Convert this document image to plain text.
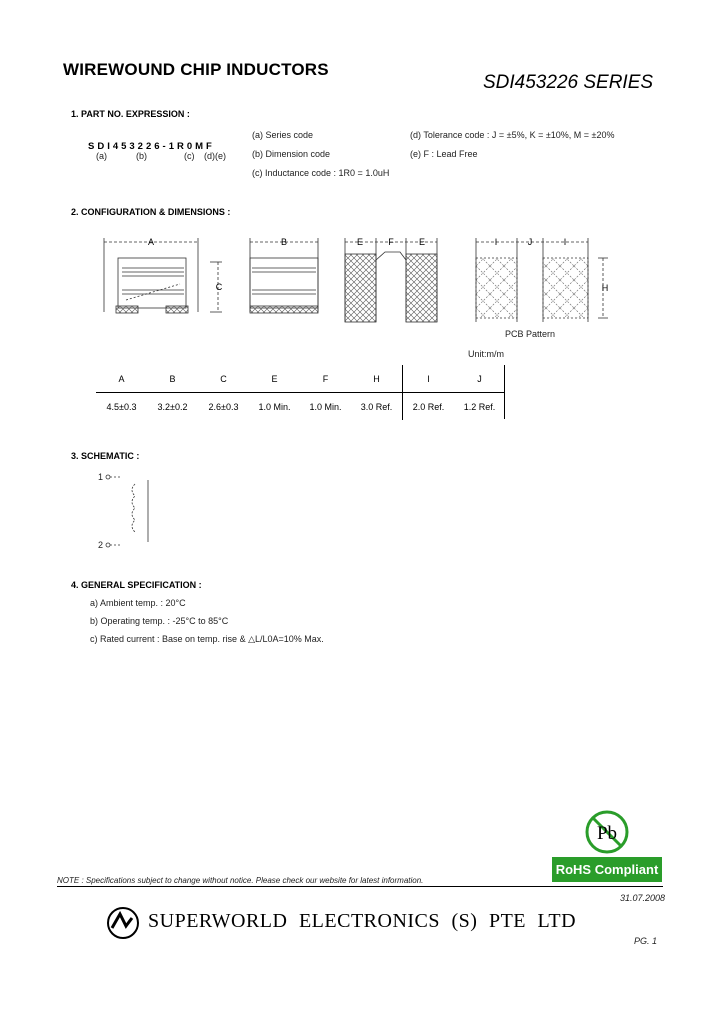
WIREWOUND CHIP INDUCTORS
SDI453226 SERIES
1. PART NO. EXPRESSION :
SDI453226-1R0MF
(a)	(b)	(c) (d)(e)
(a) Series code
(b) Dimension code
(c) Inductance code : 1R0 = 1.0uH
(d) Tolerance code : J = ±5%, K = ±10%, M = ±20%
(e) F : Lead Free
2. CONFIGURATION & DIMENSIONS :
A
C
B	E	F	E	I	J	I
H
PCB Pattern
Unit:m/m
A	B	C	E	F	H	I	J
4.5±0.3	3.2±0.2	2.6±0.3	1.0 Min.	1.0 Min.	3.0 Ref.	2.0 Ref.	1.2 Ref.
3. SCHEMATIC :
1
2
4. GENERAL SPECIFICATION :
a) Ambient temp. : 20°C
b) Operating temp. : -25°C to 85°C
c) Rated current : Base on temp. rise & △L/L0A=10% Max.
Pb
RoHS Compliant
NOTE : Specifications subject to change without notice. Please check our website for latest information.
31.07.2008
SUPERWORLD ELECTRONICS (S) PTE LTD
PG. 1
